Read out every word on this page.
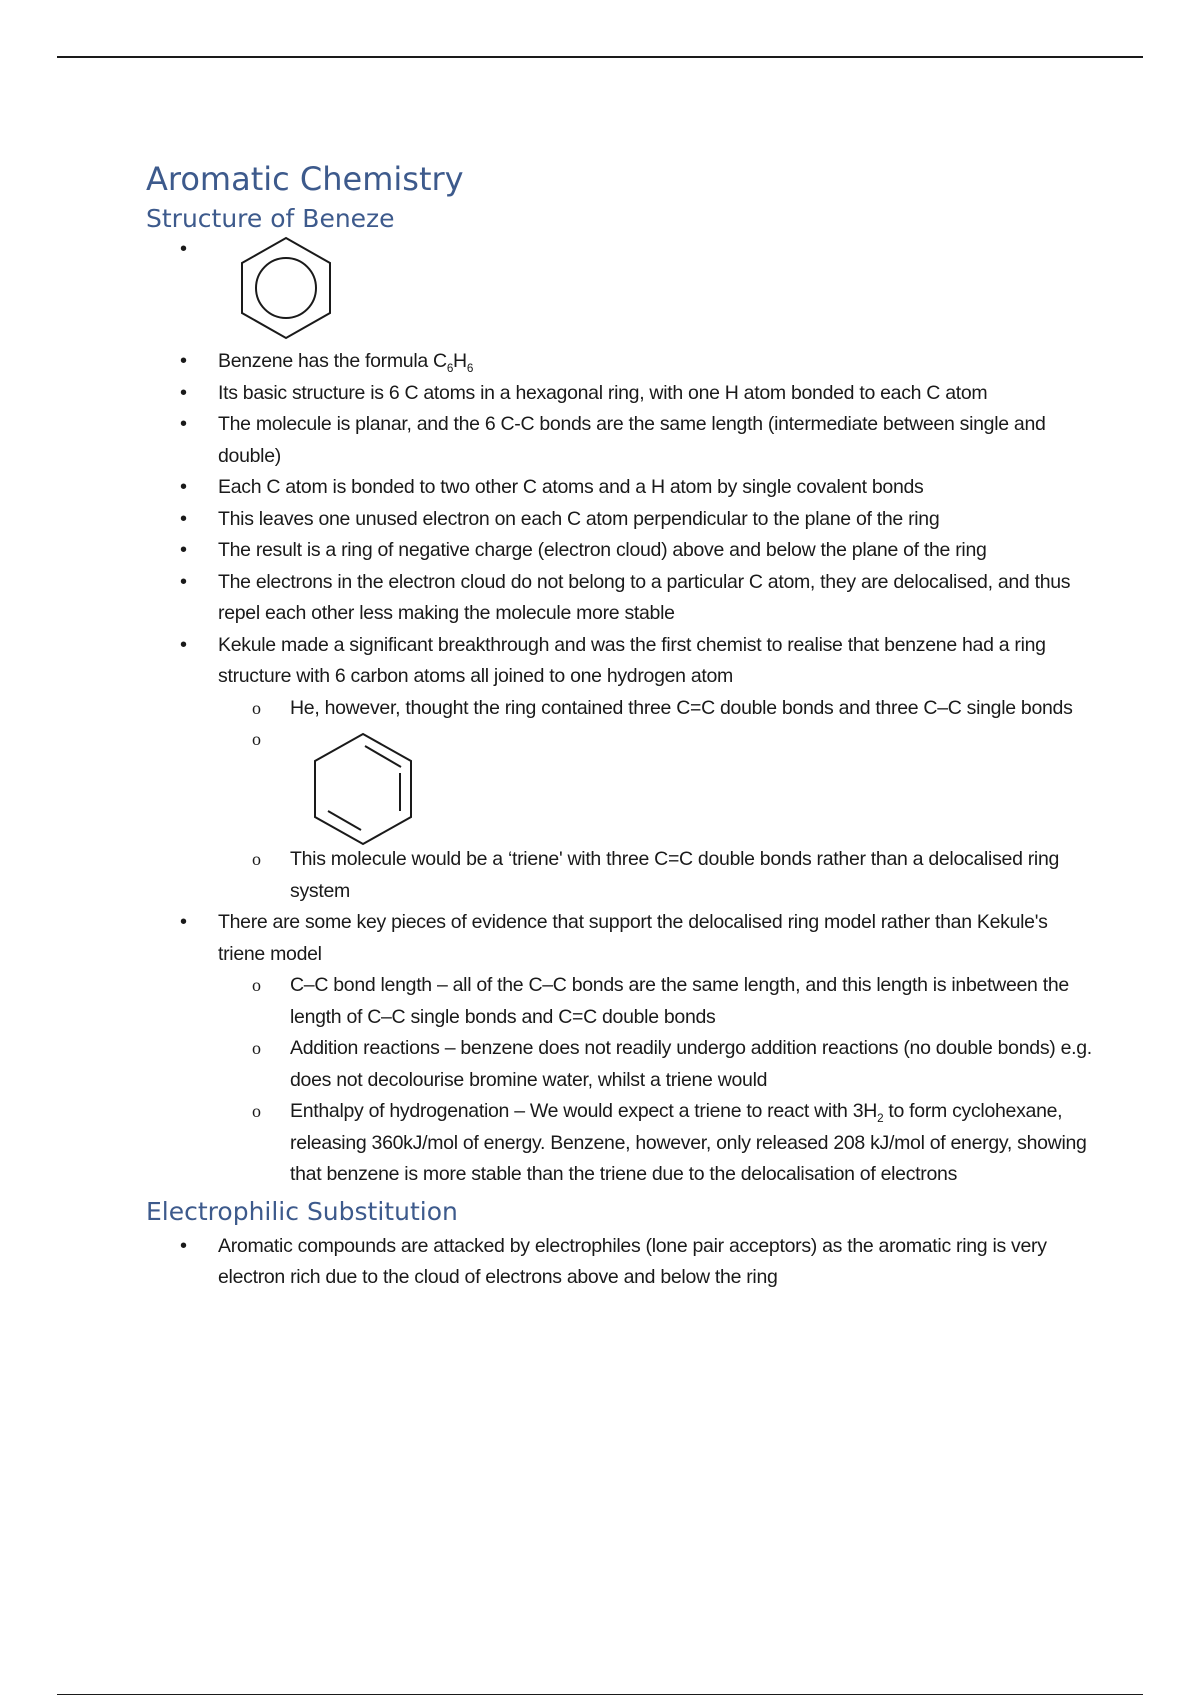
Aromatic Chemistry
Structure of Beneze
•
• Benzene has the formula $C_6H_6$
• Its basic structure is 6 C atoms in a hexagonal ring, with one H atom bonded to each C atom
• The molecule is planar, and the 6 C-C bonds are the same length (intermediate between single and double)
• Each C atom is bonded to two other C atoms and a H atom by single covalent bonds
• This leaves one unused electron on each C atom perpendicular to the plane of the ring
• The result is a ring of negative charge (electron cloud) above and below the plane of the ring
• The electrons in the electron cloud do not belong to a particular C atom, they are delocalised, and thus repel each other less making the molecule more stable
• Kekule made a significant breakthrough and was the first chemist to realise that benzene had a ring structure with 6 carbon atoms all joined to one hydrogen atom
o He, however, thought the ring contained three C=C double bonds and three C–C single bonds
o
o This molecule would be a ‘triene' with three C=C double bonds rather than a delocalised ring system
• There are some key pieces of evidence that support the delocalised ring model rather than Kekule's triene model
o C–C bond length – all of the C–C bonds are the same length, and this length is inbetween the length of C–C single bonds and C=C double bonds
o Addition reactions – benzene does not readily undergo addition reactions (no double bonds) e.g. does not decolourise bromine water, whilst a triene would
o Enthalpy of hydrogenation – We would expect a triene to react with $3H_2$ to form cyclohexane, releasing 360kJ/mol of energy. Benzene, however, only released 208 kJ/mol of energy, showing that benzene is more stable than the triene due to the delocalisation of electrons
Electrophilic Substitution
• Aromatic compounds are attacked by electrophiles (lone pair acceptors) as the aromatic ring is very electron rich due to the cloud of electrons above and below the ring
